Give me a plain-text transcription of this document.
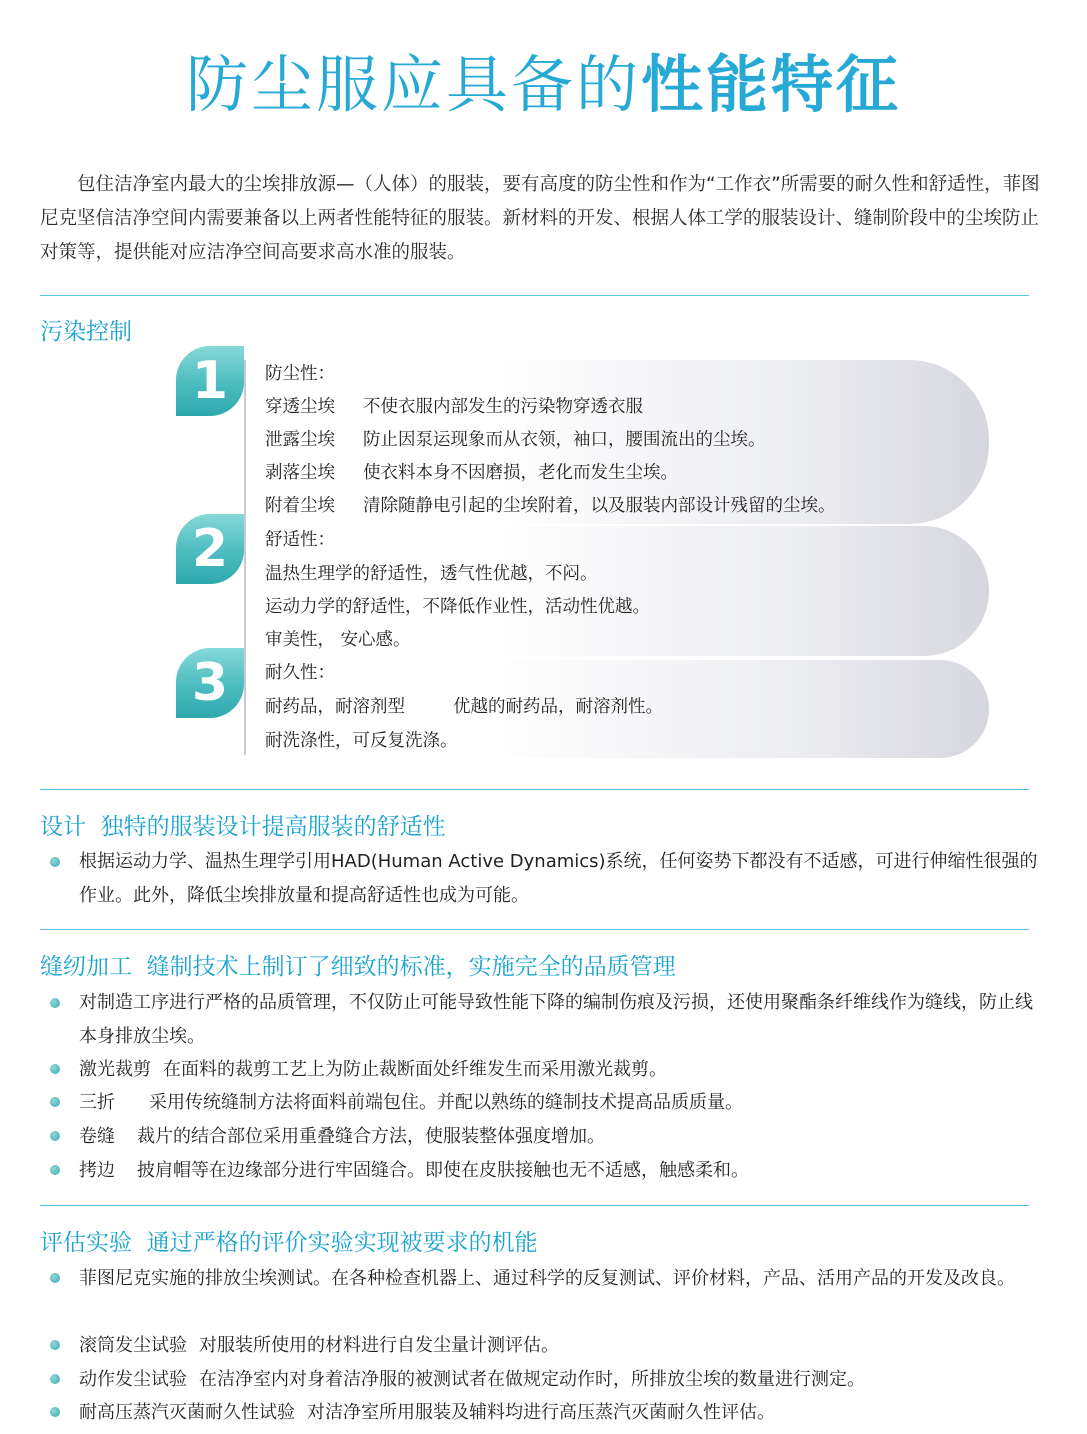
防尘服应具备的性能特征
包住洁净室内最大的尘埃排放源—（人体）的服装，要有高度的防尘性和作为“工作衣”所需要的耐久性和舒适性，菲图尼克坚信洁净空间内需要兼备以上两者性能特征的服装。新材料的开发、根据人体工学的服装设计、缝制阶段中的尘埃防止对策等，提供能对应洁净空间高要求高水准的服装。
污染控制
1
2
3
防尘性：
穿透尘埃 不使衣服内部发生的污染物穿透衣服
泄露尘埃 防止因泵运现象而从衣领，袖口，腰围流出的尘埃。
剥落尘埃 使衣料本身不因磨损，老化而发生尘埃。
附着尘埃 清除随静电引起的尘埃附着，以及服装内部设计残留的尘埃。
舒适性：
温热生理学的舒适性，透气性优越，不闷。
运动力学的舒适性，不降低作业性，活动性优越。
审美性， 安心感。
耐久性：
耐药品，耐溶剂型	优越的耐药品，耐溶剂性。
耐洗涤性，可反复洗涤。
设计  独特的服装设计提高服装的舒适性
根据运动力学、温热生理学引用HAD(Human Active Dynamics)系统，任何姿势下都没有不适感，可进行伸缩性很强的作业。此外，降低尘埃排放量和提高舒适性也成为可能。
缝纫加工  缝制技术上制订了细致的标准，实施完全的品质管理
对制造工序进行严格的品质管理，不仅防止可能导致性能下降的编制伤痕及污损，还使用聚酯条纤维线作为缝线，防止线本身排放尘埃。
激光裁剪 在面料的裁剪工艺上为防止裁断面处纤维发生而采用激光裁剪。
三折 采用传统缝制方法将面料前端包住。并配以熟练的缝制技术提高品质质量。
卷缝 裁片的结合部位采用重叠缝合方法，使服装整体强度增加。
拷边 披肩帽等在边缘部分进行牢固缝合。即使在皮肤接触也无不适感，触感柔和。
评估实验  通过严格的评价实验实现被要求的机能
菲图尼克实施的排放尘埃测试。在各种检查机器上、通过科学的反复测试、评价材料，产品、活用产品的开发及改良。
滚筒发尘试验 对服装所使用的材料进行自发尘量计测评估。
动作发尘试验 在洁净室内对身着洁净服的被测试者在做规定动作时，所排放尘埃的数量进行测定。
耐高压蒸汽灭菌耐久性试验 对洁净室所用服装及辅料均进行高压蒸汽灭菌耐久性评估。
